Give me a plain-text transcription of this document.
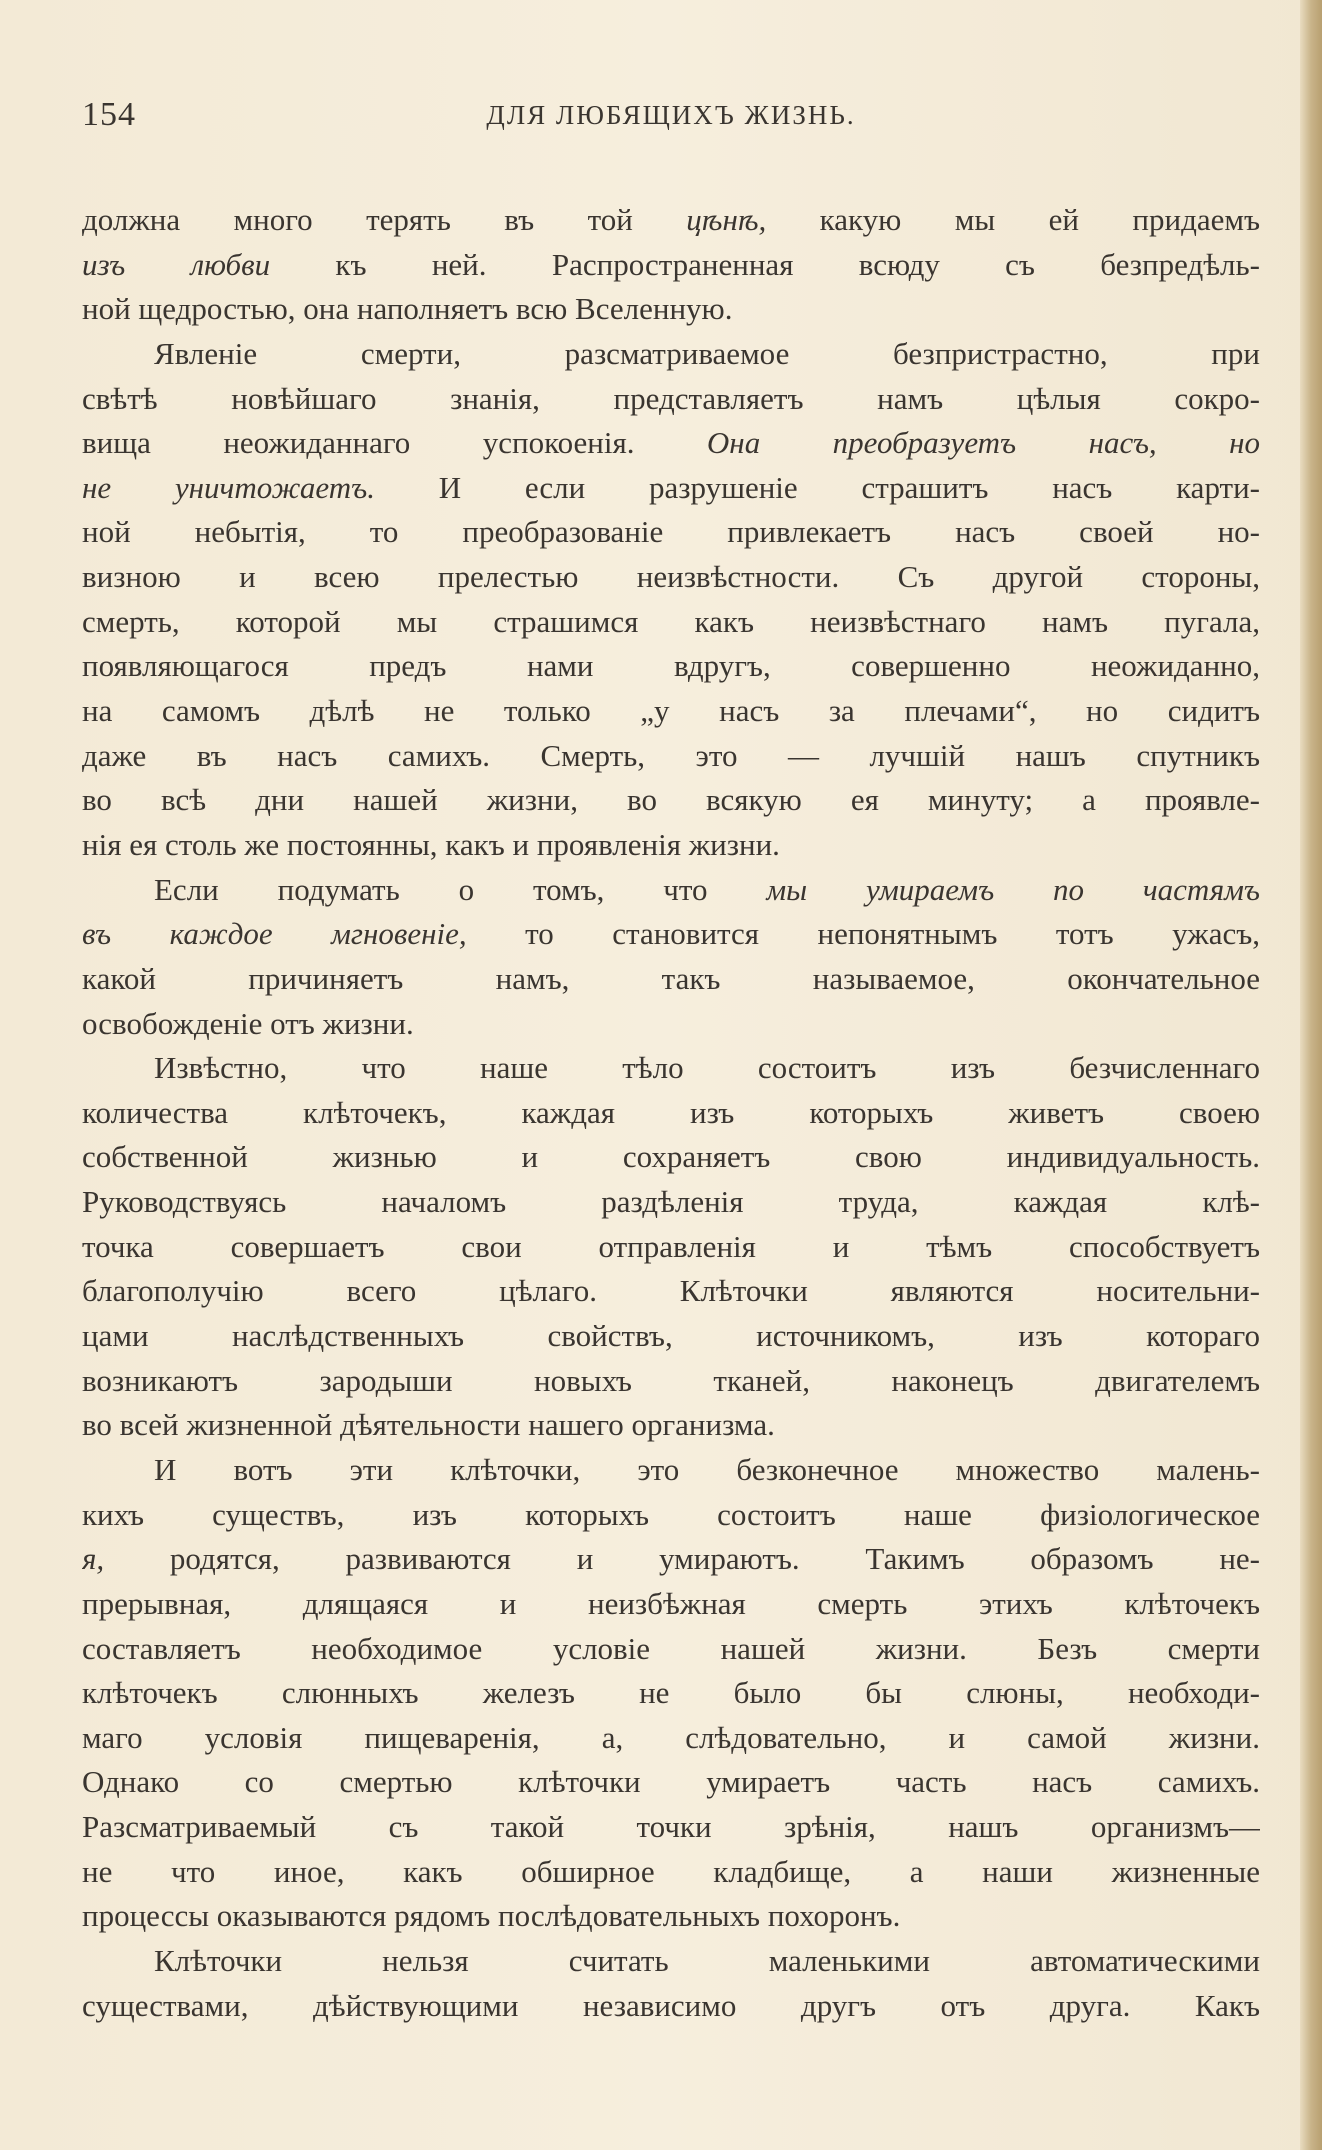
154	ДЛЯ ЛЮБЯЩИХЪ ЖИЗНЬ.
должна много терять въ той цѣнѣ, какую мы ей придаемъ
изъ любви къ ней. Распространенная всюду съ безпредѣль-
ной щедростью, она наполняетъ всю Вселенную.
Явленіе смерти, разсматриваемое безпристрастно, при
свѣтѣ новѣйшаго знанія, представляетъ намъ цѣлыя сокро-
вища неожиданнаго успокоенія. Она преобразуетъ насъ, но
не уничтожаетъ. И если разрушеніе страшитъ насъ карти-
ной небытія, то преобразованіе привлекаетъ насъ своей но-
визною и всею прелестью неизвѣстности. Съ другой стороны,
смерть, которой мы страшимся какъ неизвѣстнаго намъ пугала,
появляющагося предъ нами вдругъ, совершенно неожиданно,
на самомъ дѣлѣ не только „у насъ за плечами“, но сидитъ
даже въ насъ самихъ. Смерть, это — лучшій нашъ спутникъ
во всѣ дни нашей жизни, во всякую ея минуту; а проявле-
нія ея столь же постоянны, какъ и проявленія жизни.
Если подумать о томъ, что мы умираемъ по частямъ
въ каждое мгновеніе, то становится непонятнымъ тотъ ужасъ,
какой причиняетъ намъ, такъ называемое, окончательное
освобожденіе отъ жизни.
Извѣстно, что наше тѣло состоитъ изъ безчисленнаго
количества клѣточекъ, каждая изъ которыхъ живетъ своею
собственной жизнью и сохраняетъ свою индивидуальность.
Руководствуясь началомъ раздѣленія труда, каждая клѣ-
точка совершаетъ свои отправленія и тѣмъ способствуетъ
благополучію всего цѣлаго. Клѣточки являются носительни-
цами наслѣдственныхъ свойствъ, источникомъ, изъ котораго
возникаютъ зародыши новыхъ тканей, наконецъ двигателемъ
во всей жизненной дѣятельности нашего организма.
И вотъ эти клѣточки, это безконечное множество малень-
кихъ существъ, изъ которыхъ состоитъ наше физіологическое
я, родятся, развиваются и умираютъ. Такимъ образомъ не-
прерывная, длящаяся и неизбѣжная смерть этихъ клѣточекъ
составляетъ необходимое условіе нашей жизни. Безъ смерти
клѣточекъ слюнныхъ железъ не было бы слюны, необходи-
маго условія пищеваренія, а, слѣдовательно, и самой жизни.
Однако со смертью клѣточки умираетъ часть насъ самихъ.
Разсматриваемый съ такой точки зрѣнія, нашъ организмъ—
не что иное, какъ обширное кладбище, а наши жизненные
процессы оказываются рядомъ послѣдовательныхъ похоронъ.
Клѣточки нельзя считать маленькими автоматическими
существами, дѣйствующими независимо другъ отъ друга. Какъ
